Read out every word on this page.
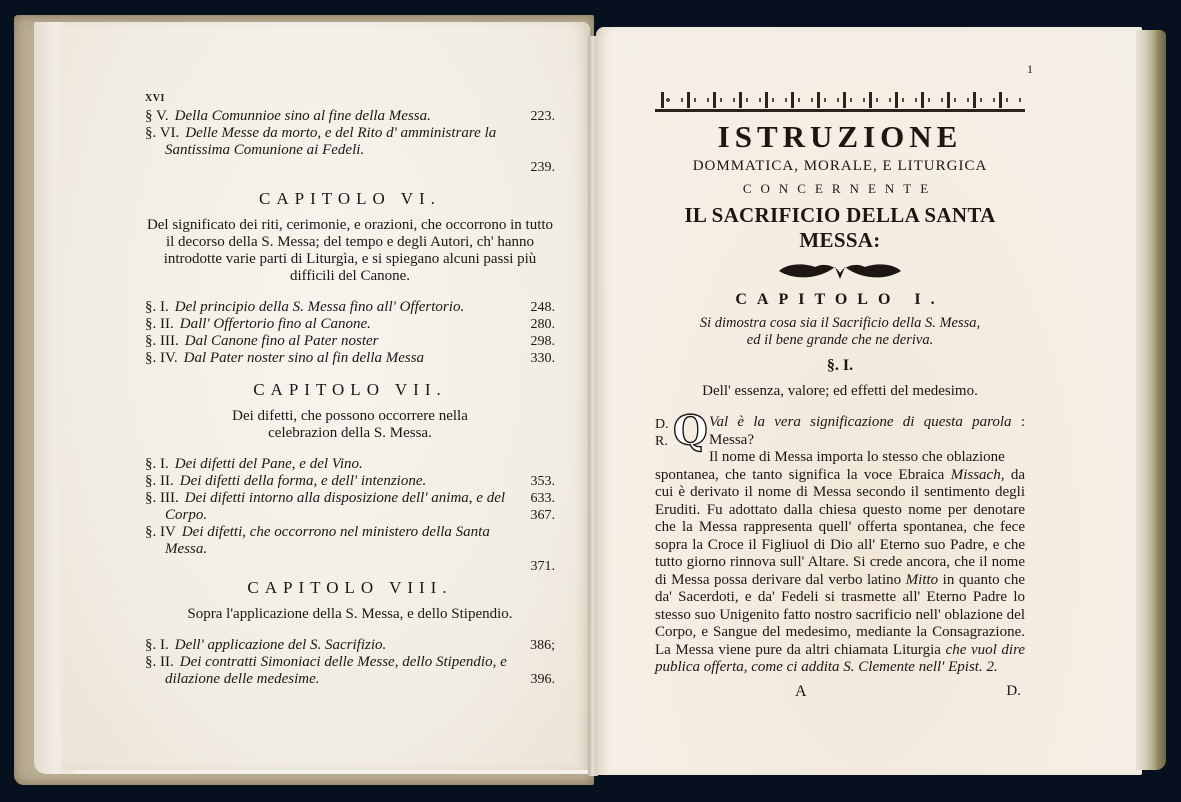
XVI
§ V. Della Comunnioe sino al fine della Messa.	223.
§. VI. Delle Messe da morto, e del Rito d' amministrare la
Santissima Comunione ai Fedeli.
239.
CAPITOLO VI.
Del significato dei riti, cerimonie, e orazioni, che occorrono in tutto il decorso della S. Messa; del tempo e degli Autori, ch' hanno introdotte varie parti di Liturgìa, e si spiegano alcuni passi più difficili del Canone.
§. I. Del principio della S. Messa fino all' Offertorio.	248.
§. II. Dall' Offertorio fino al Canone.	280.
§. III. Dal Canone fino al Pater noster	298.
§. IV. Dal Pater noster sino al fin della Messa	330.
CAPITOLO VII.
Dei difetti, che possono occorrere nella celebrazion della S. Messa.
§. I. Dei difetti del Pane, e del Vino.
§. II. Dei difetti della forma, e dell' intenzione.	353.
§. III. Dei difetti intorno alla disposizione dell' anima, e del	633.
Corpo.	367.
§. IV Dei difetti, che occorrono nel ministero della Santa
Messa.
371.
CAPITOLO VIII.
Sopra l'applicazione della S. Messa, e dello Stipendio.
§. I. Dell' applicazione del S. Sacrifizio.	386;
§. II. Dei contratti Simoniaci delle Messe, dello Stipendio, e
dilazione delle medesime.	396.
1
ISTRUZIONE
DOMMATICA, MORALE, E LITURGICA
CONCERNENTE
IL SACRIFICIO DELLA SANTA MESSA:
CAPITOLO I.
Si dimostra cosa sia il Sacrificio della S. Messa,
ed il bene grande che ne deriva.
§. I.
Dell' essenza, valore; ed effetti del medesimo.
D.
R. Q Val è la vera significazione di questa parola : Messa?
Il nome di Messa importa lo stesso che oblazione
spontanea, che tanto significa la voce Ebraica Missach, da cui è derivato il nome di Messa secondo il sentimento degli Eruditi. Fu adottato dalla chiesa questo nome per denotare che la Messa rappresenta quell' offerta spontanea, che fece sopra la Croce il Figliuol di Dio all' Eterno suo Padre, e che tutto giorno rinnova sull' Altare. Si crede ancora, che il nome di Messa possa derivare dal verbo latino Mitto in quanto che da' Sacerdoti, e da' Fedeli si trasmette all' Eterno Padre lo stesso suo Unigenito fatto nostro sacrificio nell' oblazione del Corpo, e Sangue del medesimo, mediante la Consagrazione. La Messa viene pure da altri chiamata Liturgia che vuol dire publica offerta, come ci addita S. Clemente nell' Epist. 2.
A	D.
